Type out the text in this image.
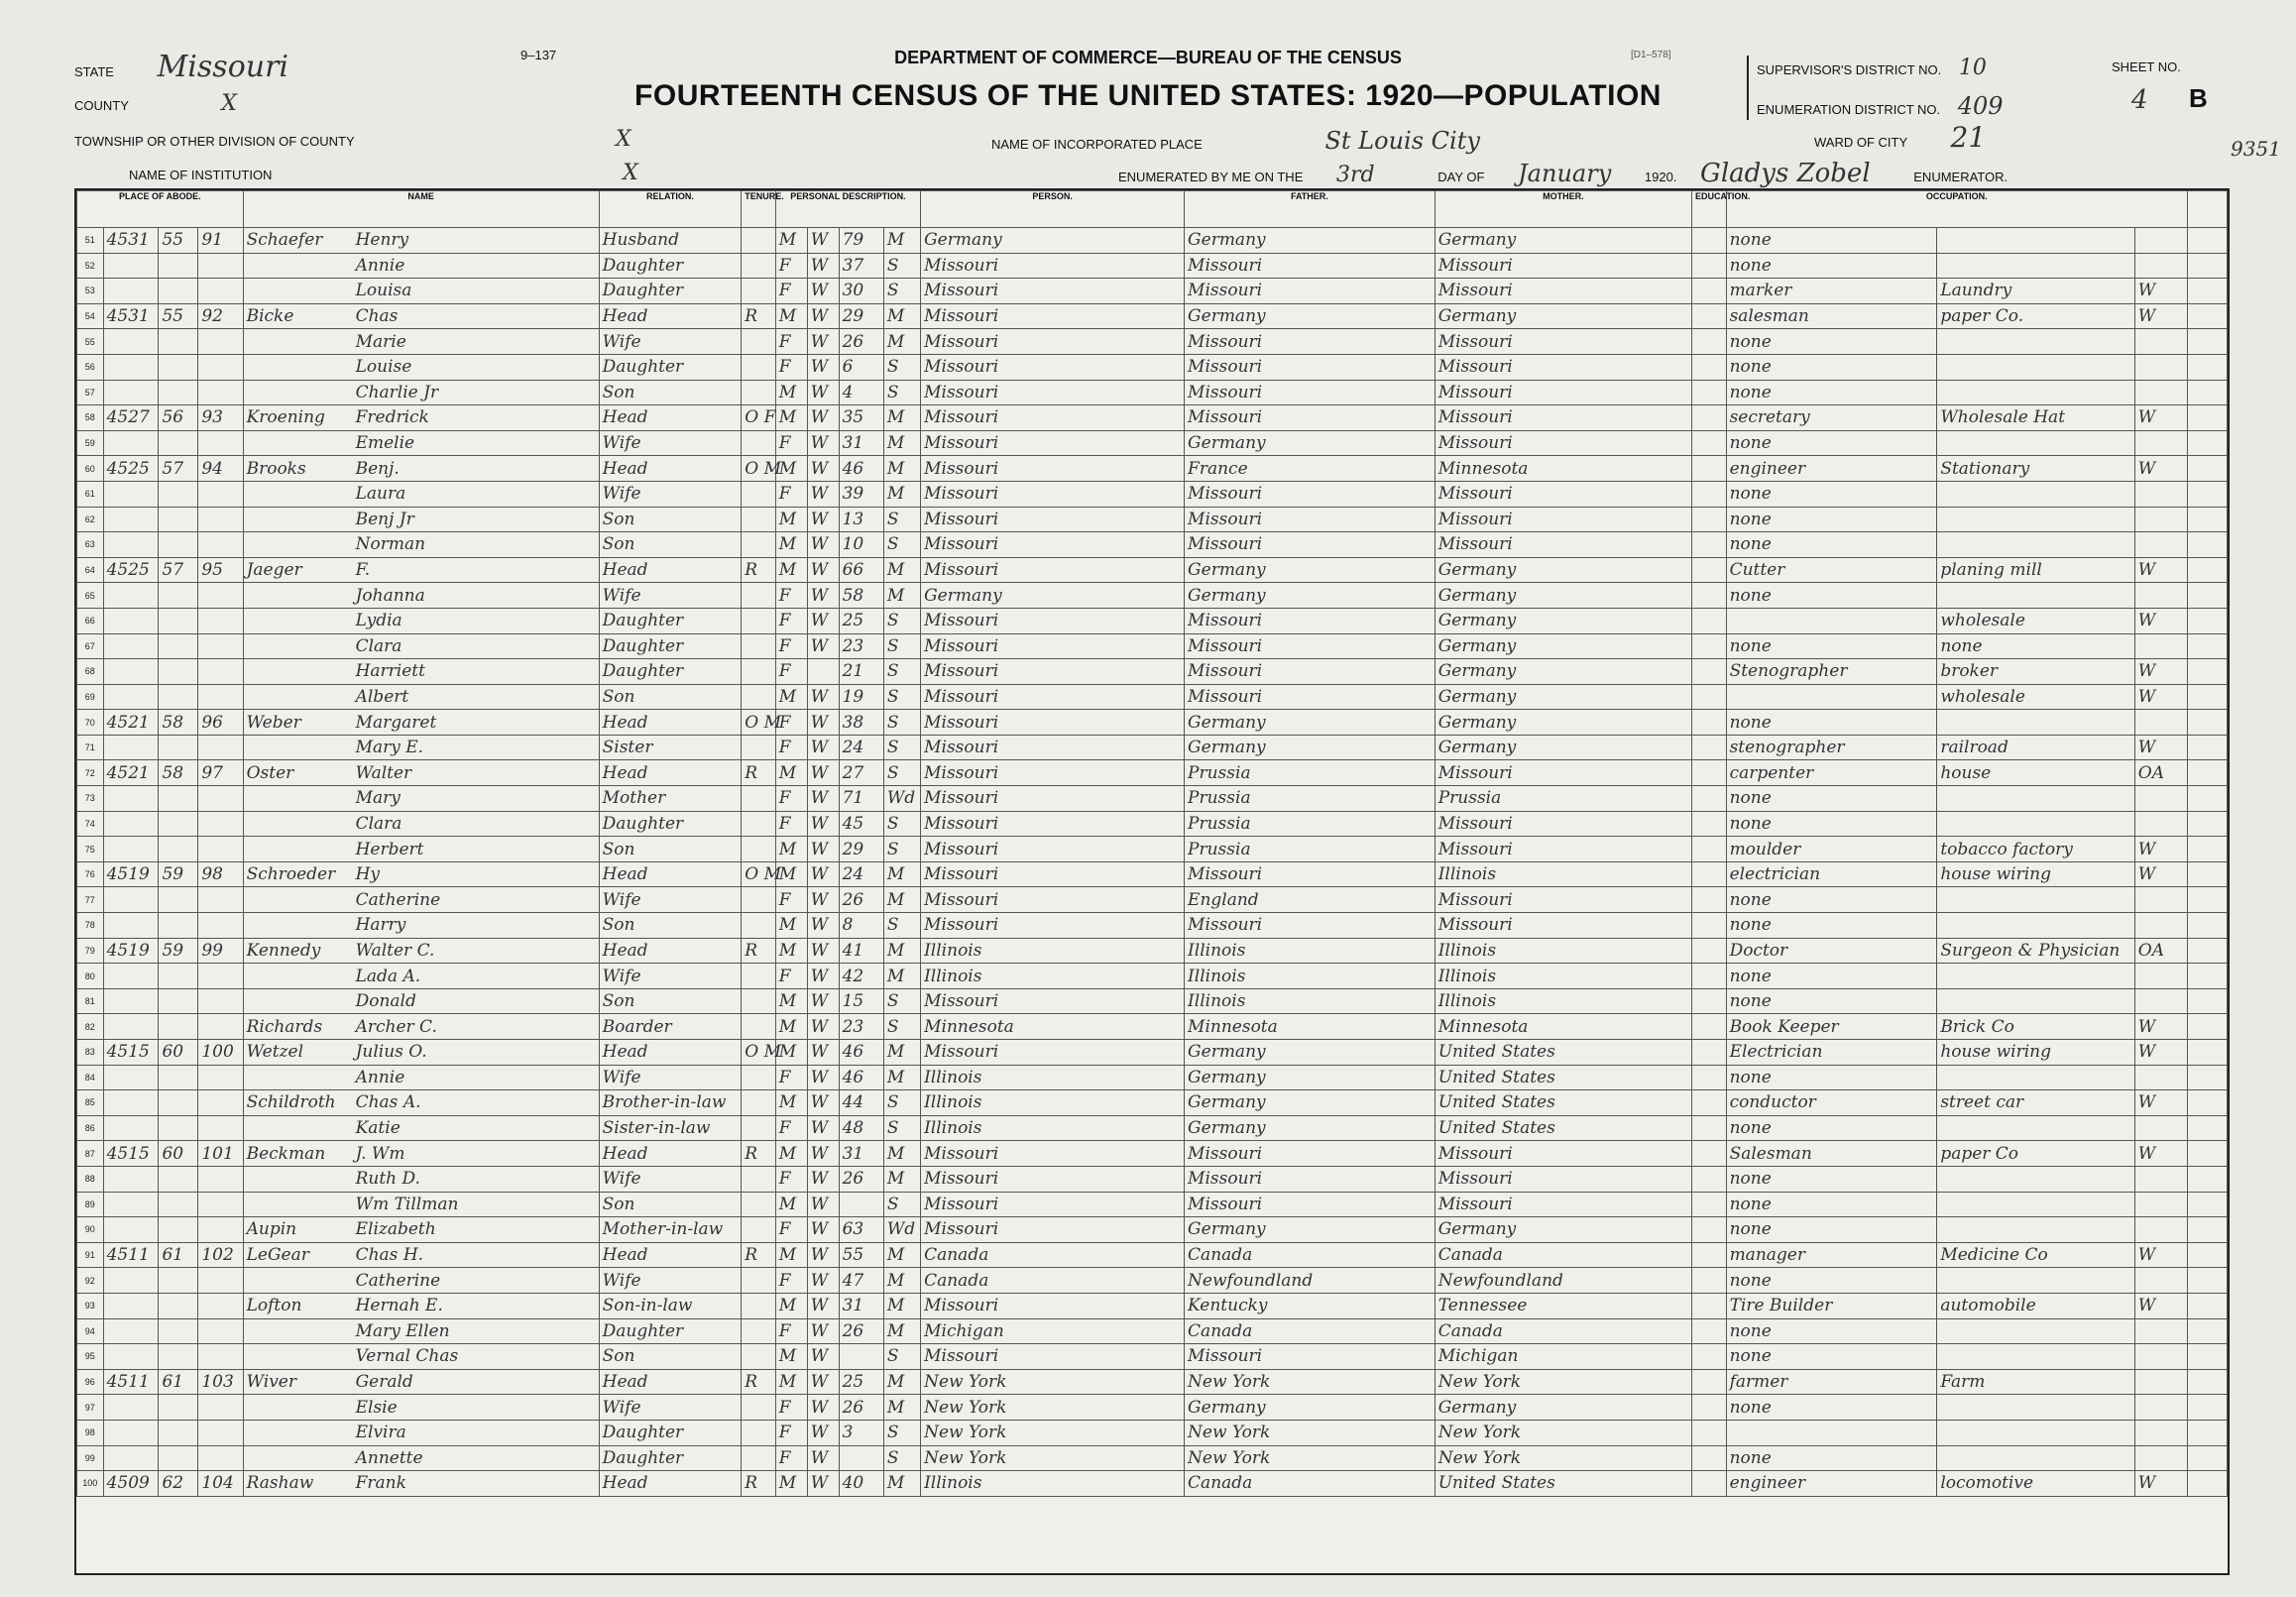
STATE Missouri
COUNTY	X
TOWNSHIP OR OTHER DIVISION OF COUNTY	X
NAME OF INSTITUTION	X
9–137	DEPARTMENT OF COMMERCE—BUREAU OF THE CENSUS
FOURTEENTH CENSUS OF THE UNITED STATES: 1920—POPULATION
[D1–578]
NAME OF INCORPORATED PLACE	St Louis City	WARD OF CITY 21
ENUMERATED BY ME ON THE 3rd	DAY OF January	1920. Gladys Zobel	ENUMERATOR.
SUPERVISOR'S DISTRICT NO. 10
ENUMERATION DISTRICT NO. 409
SHEET NO.
4 B
9351
PLACE OF ABODE.				NAME	RELATION.	TENURE.	PERSONAL DESCRIPTION.				PERSON.	FATHER.	MOTHER.	EDUCATION.	OCCUPATION.			
51	4531	55	91	Schaefer Henry	Husband		M	W	79	M	Germany	Germany	Germany		none			
52				Annie	Daughter		F	W	37	S	Missouri	Missouri	Missouri		none			
53				Louisa	Daughter		F	W	30	S	Missouri	Missouri	Missouri		marker	Laundry	W	
54	4531	55	92	Bicke Chas	Head	R	M	W	29	M	Missouri	Germany	Germany		salesman	paper Co.	W	
55				Marie	Wife		F	W	26	M	Missouri	Missouri	Missouri		none			
56				Louise	Daughter		F	W	6	S	Missouri	Missouri	Missouri		none			
57				Charlie Jr	Son		M	W	4	S	Missouri	Missouri	Missouri		none			
58	4527	56	93	Kroening Fredrick	Head	O F	M	W	35	M	Missouri	Missouri	Missouri		secretary	Wholesale Hat	W	
59				Emelie	Wife		F	W	31	M	Missouri	Germany	Missouri		none			
60	4525	57	94	Brooks Benj.	Head	O M	M	W	46	M	Missouri	France	Minnesota		engineer	Stationary	W	
61				Laura	Wife		F	W	39	M	Missouri	Missouri	Missouri		none			
62				Benj Jr	Son		M	W	13	S	Missouri	Missouri	Missouri		none			
63				Norman	Son		M	W	10	S	Missouri	Missouri	Missouri		none			
64	4525	57	95	Jaeger F.	Head	R	M	W	66	M	Missouri	Germany	Germany		Cutter	planing mill	W	
65				Johanna	Wife		F	W	58	M	Germany	Germany	Germany		none			
66				Lydia	Daughter		F	W	25	S	Missouri	Missouri	Germany			wholesale	W	
67				Clara	Daughter		F	W	23	S	Missouri	Missouri	Germany		none	none		
68				Harriett	Daughter		F		21	S	Missouri	Missouri	Germany		Stenographer	broker	W	
69				Albert	Son		M	W	19	S	Missouri	Missouri	Germany			wholesale	W	
70	4521	58	96	Weber Margaret	Head	O M	F	W	38	S	Missouri	Germany	Germany		none			
71				Mary E.	Sister		F	W	24	S	Missouri	Germany	Germany		stenographer	railroad	W	
72	4521	58	97	Oster Walter	Head	R	M	W	27	S	Missouri	Prussia	Missouri		carpenter	house	OA	
73				Mary	Mother		F	W	71	Wd	Missouri	Prussia	Prussia		none			
74				Clara	Daughter		F	W	45	S	Missouri	Prussia	Missouri		none			
75				Herbert	Son		M	W	29	S	Missouri	Prussia	Missouri		moulder	tobacco factory	W	
76	4519	59	98	Schroeder Hy	Head	O M	M	W	24	M	Missouri	Missouri	Illinois		electrician	house wiring	W	
77				Catherine	Wife		F	W	26	M	Missouri	England	Missouri		none			
78				Harry	Son		M	W	8	S	Missouri	Missouri	Missouri		none			
79	4519	59	99	Kennedy Walter C.	Head	R	M	W	41	M	Illinois	Illinois	Illinois		Doctor	Surgeon & Physician	OA	
80				Lada A.	Wife		F	W	42	M	Illinois	Illinois	Illinois		none			
81				Donald	Son		M	W	15	S	Missouri	Illinois	Illinois		none			
82				Richards Archer C.	Boarder		M	W	23	S	Minnesota	Minnesota	Minnesota		Book Keeper	Brick Co	W	
83	4515	60	100	Wetzel Julius O.	Head	O M	M	W	46	M	Missouri	Germany	United States		Electrician	house wiring	W	
84				Annie	Wife		F	W	46	M	Illinois	Germany	United States		none			
85				Schildroth Chas A.	Brother-in-law		M	W	44	S	Illinois	Germany	United States		conductor	street car	W	
86				Katie	Sister-in-law		F	W	48	S	Illinois	Germany	United States		none			
87	4515	60	101	Beckman J. Wm	Head	R	M	W	31	M	Missouri	Missouri	Missouri		Salesman	paper Co	W	
88				Ruth D.	Wife		F	W	26	M	Missouri	Missouri	Missouri		none			
89				Wm Tillman	Son		M	W		S	Missouri	Missouri	Missouri		none			
90				Aupin Elizabeth	Mother-in-law		F	W	63	Wd	Missouri	Germany	Germany		none			
91	4511	61	102	LeGear Chas H.	Head	R	M	W	55	M	Canada	Canada	Canada		manager	Medicine Co	W	
92				Catherine	Wife		F	W	47	M	Canada	Newfoundland	Newfoundland		none			
93				Lofton Hernah E.	Son-in-law		M	W	31	M	Missouri	Kentucky	Tennessee		Tire Builder	automobile	W	
94				Mary Ellen	Daughter		F	W	26	M	Michigan	Canada	Canada		none			
95				Vernal Chas	Son		M	W		S	Missouri	Missouri	Michigan		none			
96	4511	61	103	Wiver Gerald	Head	R	M	W	25	M	New York	New York	New York		farmer	Farm		
97				Elsie	Wife		F	W	26	M	New York	Germany	Germany		none			
98				Elvira	Daughter		F	W	3	S	New York	New York	New York					
99				Annette	Daughter		F	W		S	New York	New York	New York		none			
100	4509	62	104	Rashaw Frank	Head	R	M	W	40	M	Illinois	Canada	United States		engineer	locomotive	W	
